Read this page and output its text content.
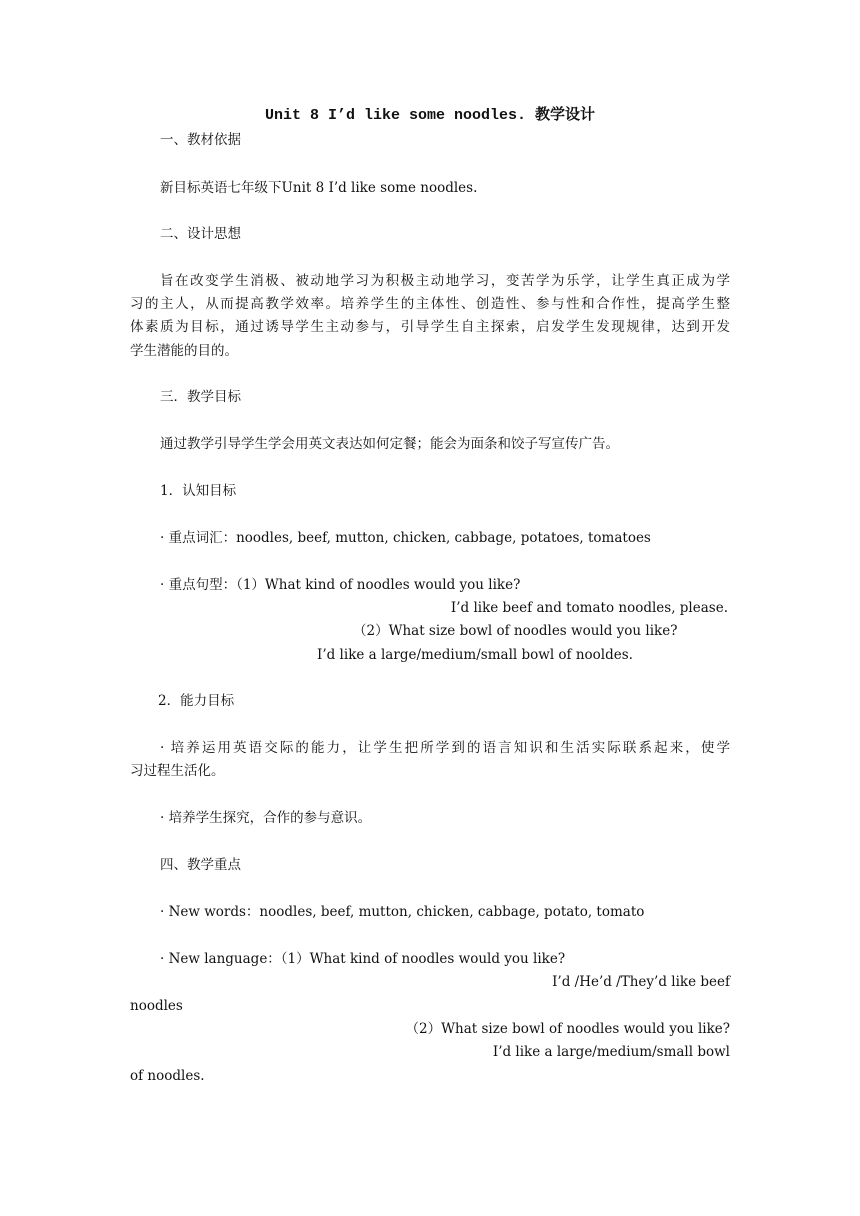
Unit 8 I’d like some noodles. 教学设计
一、教材依据
新目标英语七年级下Unit 8 I’d like some noodles.
二、设计思想
旨在改变学生消极、被动地学习为积极主动地学习，变苦学为乐学，让学生真正成为学
习的主人，从而提高教学效率。培养学生的主体性、创造性、参与性和合作性，提高学生整
体素质为目标，通过诱导学生主动参与，引导学生自主探索，启发学生发现规律，达到开发
学生潜能的目的。
三．教学目标
通过教学引导学生学会用英文表达如何定餐；能会为面条和饺子写宣传广告。
1．认知目标
· 重点词汇：noodles, beef, mutton, chicken, cabbage, potatoes, tomatoes
· 重点句型：（1）What kind of noodles would you like?
I’d like beef and tomato noodles, please.
（2）What size bowl of noodles would you like?
I’d like a large/medium/small bowl of nooldes.
2．能力目标
· 培养运用英语交际的能力，让学生把所学到的语言知识和生活实际联系起来，使学
习过程生活化。
· 培养学生探究，合作的参与意识。
四、教学重点
· New words：noodles, beef, mutton, chicken, cabbage, potato, tomato
· New language：（1）What kind of noodles would you like?
I’d /He’d /They’d like beef
noodles
（2）What size bowl of noodles would you like?
I’d like a large/medium/small bowl
of noodles.
